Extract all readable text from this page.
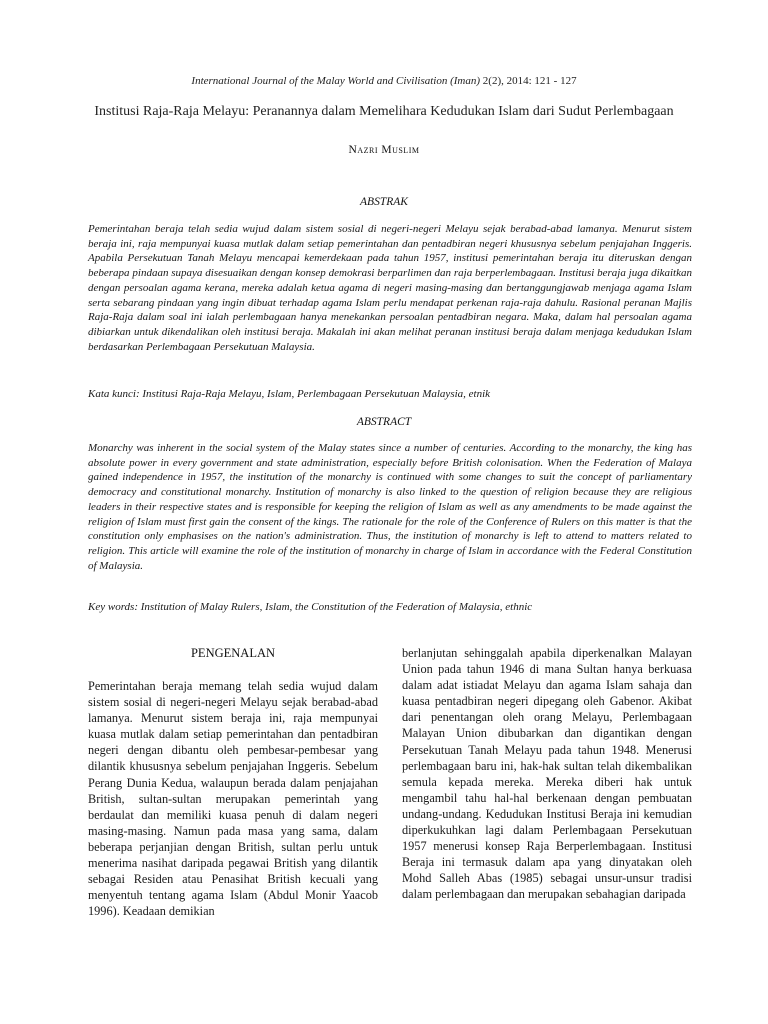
International Journal of the Malay World and Civilisation (Iman) 2(2), 2014: 121 - 127
Institusi Raja-Raja Melayu: Peranannya dalam Memelihara Kedudukan Islam dari Sudut Perlembagaan
Nazri Muslim
ABSTRAK

Pemerintahan beraja telah sedia wujud dalam sistem sosial di negeri-negeri Melayu sejak berabad-abad lamanya. Menurut sistem beraja ini, raja mempunyai kuasa mutlak dalam setiap pemerintahan dan pentadbiran negeri khususnya sebelum penjajahan Inggeris. Apabila Persekutuan Tanah Melayu mencapai kemerdekaan pada tahun 1957, institusi pemerintahan beraja itu diteruskan dengan beberapa pindaan supaya disesuaikan dengan konsep demokrasi berparlimen dan raja berperlembagaan. Institusi beraja juga dikaitkan dengan persoalan agama kerana, mereka adalah ketua agama di negeri masing-masing dan bertanggungjawab menjaga agama Islam serta sebarang pindaan yang ingin dibuat terhadap agama Islam perlu mendapat perkenan raja-raja dahulu. Rasional peranan Majlis Raja-Raja dalam soal ini ialah perlembagaan hanya menekankan persoalan pentadbiran negara. Maka, dalam hal persoalan agama dibiarkan untuk dikendalikan oleh institusi beraja. Makalah ini akan melihat peranan institusi beraja dalam menjaga kedudukan Islam berdasarkan Perlembagaan Persekutuan Malaysia.

Kata kunci: Institusi Raja-Raja Melayu, Islam, Perlembagaan Persekutuan Malaysia, etnik
ABSTRACT

Monarchy was inherent in the social system of the Malay states since a number of centuries. According to the monarchy, the king has absolute power in every government and state administration, especially before British colonisation. When the Federation of Malaya gained independence in 1957, the institution of the monarchy is continued with some changes to suit the concept of parliamentary democracy and constitutional monarchy. Institution of monarchy is also linked to the question of religion because they are religious leaders in their respective states and is responsible for keeping the religion of Islam as well as any amendments to be made against the religion of Islam must first gain the consent of the kings. The rationale for the role of the Conference of Rulers on this matter is that the constitution only emphasises on the nation's administration. Thus, the institution of monarchy is left to attend to matters related to religion. This article will examine the role of the institution of monarchy in charge of Islam in accordance with the Federal Constitution of Malaysia.

Key words: Institution of Malay Rulers, Islam, the Constitution of the Federation of Malaysia, ethnic
PENGENALAN

Pemerintahan beraja memang telah sedia wujud dalam sistem sosial di negeri-negeri Melayu sejak berabad-abad lamanya. Menurut sistem beraja ini, raja mempunyai kuasa mutlak dalam setiap pemerintahan dan pentadbiran negeri dengan dibantu oleh pembesar-pembesar yang dilantik khususnya sebelum penjajahan Inggeris. Sebelum Perang Dunia Kedua, walaupun berada dalam penjajahan British, sultan-sultan merupakan pemerintah yang berdaulat dan memiliki kuasa penuh di dalam negeri masing-masing. Namun pada masa yang sama, dalam beberapa perjanjian dengan British, sultan perlu untuk menerima nasihat daripada pegawai British yang dilantik sebagai Residen atau Penasihat British kecuali yang menyentuh tentang agama Islam (Abdul Monir Yaacob 1996). Keadaan demikian

berlanjutan sehinggalah apabila diperkenalkan Malayan Union pada tahun 1946 di mana Sultan hanya berkuasa dalam adat istiadat Melayu dan agama Islam sahaja dan kuasa pentadbiran negeri dipegang oleh Gabenor. Akibat dari penentangan oleh orang Melayu, Perlembagaan Malayan Union dibubarkan dan digantikan dengan Persekutuan Tanah Melayu pada tahun 1948. Menerusi perlembagaan baru ini, hak-hak sultan telah dikembalikan semula kepada mereka. Mereka diberi hak untuk mengambil tahu hal-hal berkenaan dengan pembuatan undang-undang. Kedudukan Institusi Beraja ini kemudian diperkukuhkan lagi dalam Perlembagaan Persekutuan 1957 menerusi konsep Raja Berperlembagaan. Institusi Beraja ini termasuk dalam apa yang dinyatakan oleh Mohd Salleh Abas (1985) sebagai unsur-unsur tradisi dalam perlembagaan dan merupakan sebahagian daripada
